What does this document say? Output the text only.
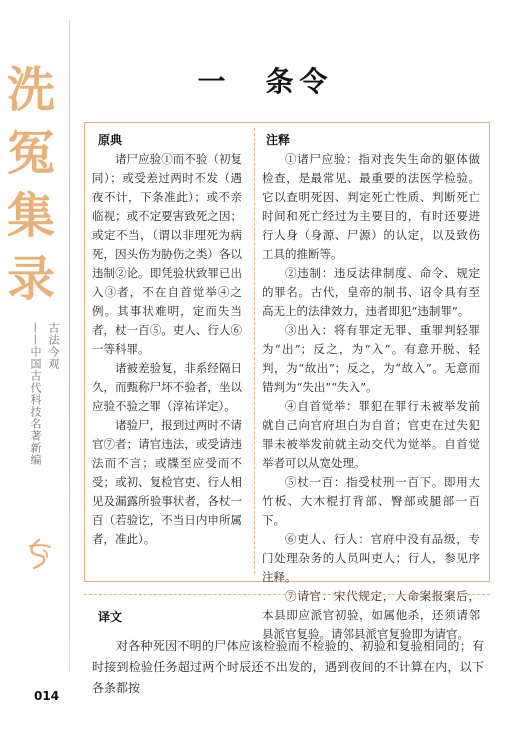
洗
冤
集
录
古法今观
——中国古代科技名著新编
一　条令
原典	注释

诸尸应验①而不验（初复同）；或受差过两时不发（遇夜不计，下条准此）；或不亲临视；或不定要害致死之因；或定不当，（谓以非理死为病死，因头伤为胁伤之类）各以违制②论。即凭验状致罪已出入③者，不在自首觉举④之例。其事状难明，定而失当者，杖一百⑤。吏人、行人⑥一等科罪。

诸被差验复，非系经隔日久，而甄称尸坏不验者，坐以应验不验之罪（淳祐详定）。

诸验尸，报到过两时不请官⑦者；请官违法，或受请违法而不言；或牒至应受而不受；或初、复检官吏、行人相见及漏露所验事状者，各杖一百（若验讫，不当日内申所属者，准此）。

①诸尸应验：指对丧失生命的躯体做检查，是最常见、最重要的法医学检验。它以查明死因、判定死亡性质、判断死亡时间和死亡经过为主要目的，有时还要进行人身（身源、尸源）的认定，以及致伤工具的推断等。

②违制：违反法律制度、命令、规定的罪名。古代，皇帝的制书、诏令具有至高无上的法律效力，违者即犯“违制罪”。

③出入：将有罪定无罪、重罪判轻罪为“出”；反之，为“入”。有意开脱、轻判，为“故出”；反之，为“故入”。无意而错判为“失出”“失入”。

④自首觉举：罪犯在罪行未被举发前就自己向官府坦白为自首；官吏在过失犯罪未被举发前就主动交代为觉举。自首觉举者可以从宽处理。

⑤杖一百：指受杖刑一百下。即用大竹板、大木棍打背部、臀部或腿部一百下。

⑥吏人、行人：官府中没有品级，专门处理杂务的人员叫吏人；行人，参见序注释。

⑦请官：宋代规定，人命案报案后，本县即应派官初验，如属他杀，还须请邻县派官复验。请邻县派官复验即为请官。

译文

对各种死因不明的尸体应该检验而不检验的、初验和复验相同的；有时接到检验任务超过两个时辰还不出发的，遇到夜间的不计算在内，以下各条都按

014
